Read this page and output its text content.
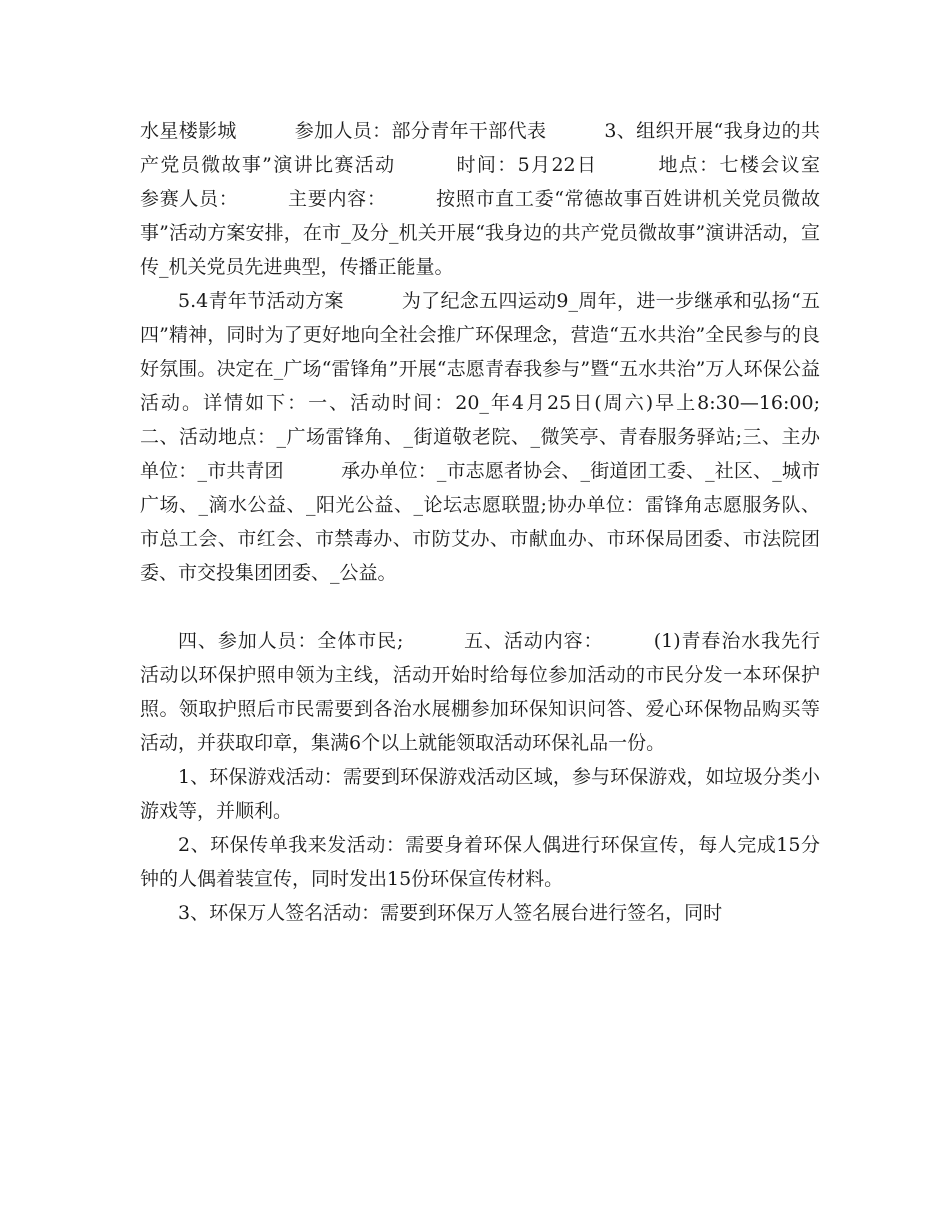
水星楼影城　　　参加人员：部分青年干部代表　　　3、组织开展“我身边的共产党员微故事”演讲比赛活动　　　时间：5月22日　　　地点：七楼会议室　　　参赛人员：　　　主要内容：　　　按照市直工委“常德故事百姓讲机关党员微故事”活动方案安排，在市_及分_机关开展“我身边的共产党员微故事”演讲活动，宣传_机关党员先进典型，传播正能量。

5.4青年节活动方案　　　为了纪念五四运动9_周年，进一步继承和弘扬“五四”精神，同时为了更好地向全社会推广环保理念，营造“五水共治”全民参与的良好氛围。决定在_广场“雷锋角”开展“志愿青春我参与”暨“五水共治”万人环保公益活动。详情如下：一、活动时间：20_年4月25日(周六)早上8:30—16:00;　　　二、活动地点：_广场雷锋角、_街道敬老院、_微笑亭、青春服务驿站;三、主办单位：_市共青团　　　承办单位：_市志愿者协会、_街道团工委、_社区、_城市广场、_滴水公益、_阳光公益、_论坛志愿联盟;协办单位：雷锋角志愿服务队、市总工会、市红会、市禁毒办、市防艾办、市献血办、市环保局团委、市法院团委、市交投集团团委、_公益。

四、参加人员：全体市民;　　　五、活动内容：　　　(1)青春治水我先行　　　活动以环保护照申领为主线，活动开始时给每位参加活动的市民分发一本环保护照。领取护照后市民需要到各治水展棚参加环保知识问答、爱心环保物品购买等活动，并获取印章，集满6个以上就能领取活动环保礼品一份。

1、环保游戏活动：需要到环保游戏活动区域，参与环保游戏，如垃圾分类小游戏等，并顺利。

2、环保传单我来发活动：需要身着环保人偶进行环保宣传，每人完成15分钟的人偶着装宣传，同时发出15份环保宣传材料。

3、环保万人签名活动：需要到环保万人签名展台进行签名，同时
